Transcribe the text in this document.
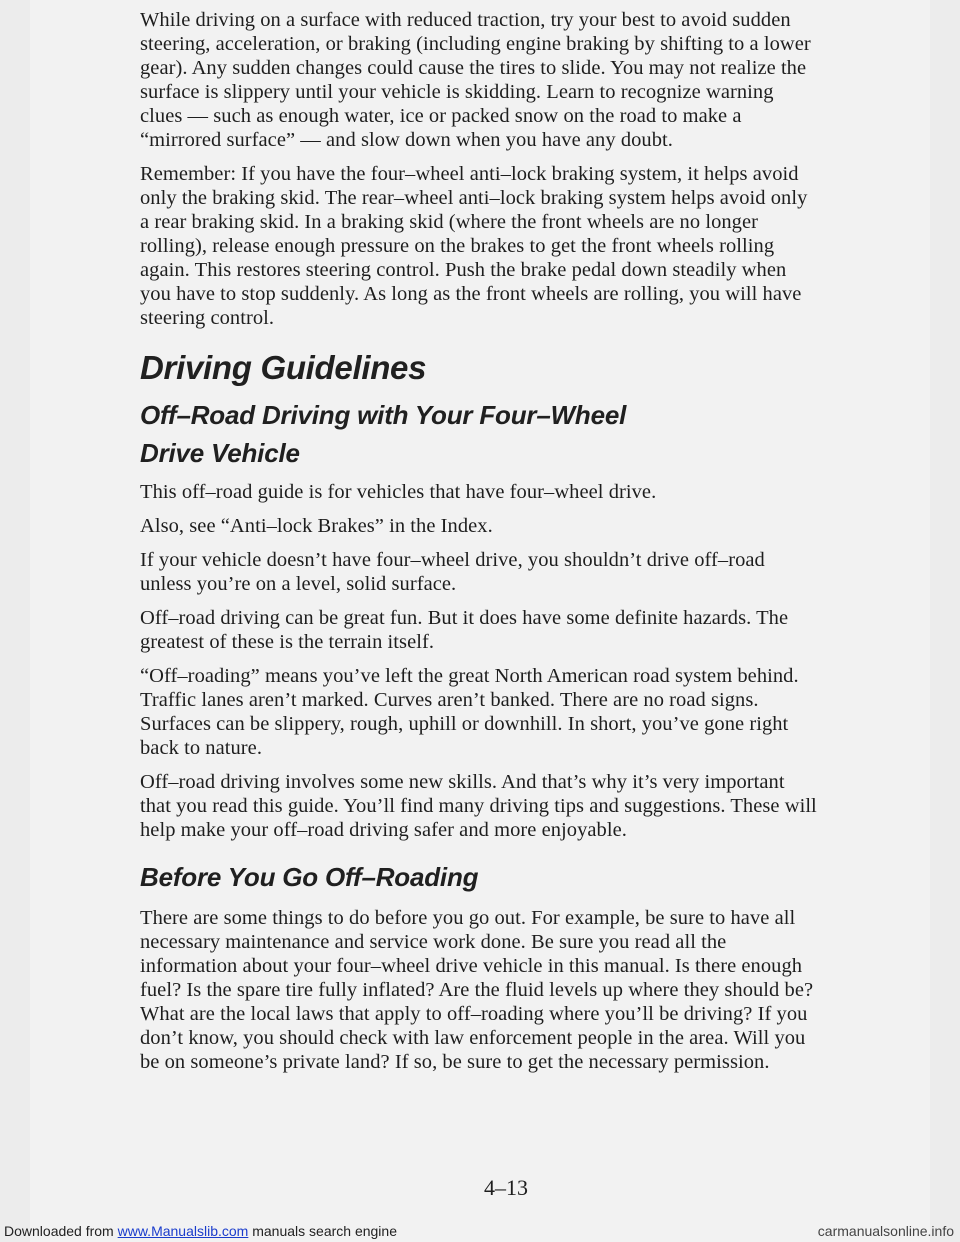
While driving on a surface with reduced traction, try your best to avoid sudden steering, acceleration, or braking (including engine braking by shifting to a lower gear). Any sudden changes could cause the tires to slide. You may not realize the surface is slippery until your vehicle is skidding. Learn to recognize warning clues — such as enough water, ice or packed snow on the road to make a “mirrored surface” — and slow down when you have any doubt.

Remember: If you have the four–wheel anti–lock braking system, it helps avoid only the braking skid. The rear–wheel anti–lock braking system helps avoid only a rear braking skid. In a braking skid (where the front wheels are no longer rolling), release enough pressure on the brakes to get the front wheels rolling again. This restores steering control. Push the brake pedal down steadily when you have to stop suddenly. As long as the front wheels are rolling, you will have steering control.

Driving Guidelines
Off–Road Driving with Your Four–Wheel
Drive Vehicle

This off–road guide is for vehicles that have four–wheel drive.

Also, see “Anti–lock Brakes” in the Index.

If your vehicle doesn’t have four–wheel drive, you shouldn’t drive off–road unless you’re on a level, solid surface.

Off–road driving can be great fun. But it does have some definite hazards. The greatest of these is the terrain itself.

“Off–roading” means you’ve left the great North American road system behind. Traffic lanes aren’t marked. Curves aren’t banked. There are no road signs. Surfaces can be slippery, rough, uphill or downhill. In short, you’ve gone right back to nature.

Off–road driving involves some new skills. And that’s why it’s very important that you read this guide. You’ll find many driving tips and suggestions. These will help make your off–road driving safer and more enjoyable.

Before You Go Off–Roading

There are some things to do before you go out. For example, be sure to have all necessary maintenance and service work done. Be sure you read all the information about your four–wheel drive vehicle in this manual. Is there enough fuel? Is the spare tire fully inflated? Are the fluid levels up where they should be? What are the local laws that apply to off–roading where you’ll be driving? If you don’t know, you should check with law enforcement people in the area. Will you be on someone’s private land? If so, be sure to get the necessary permission.

4–13
Downloaded from www.Manualslib.com manuals search engine	carmanualsonline.info
